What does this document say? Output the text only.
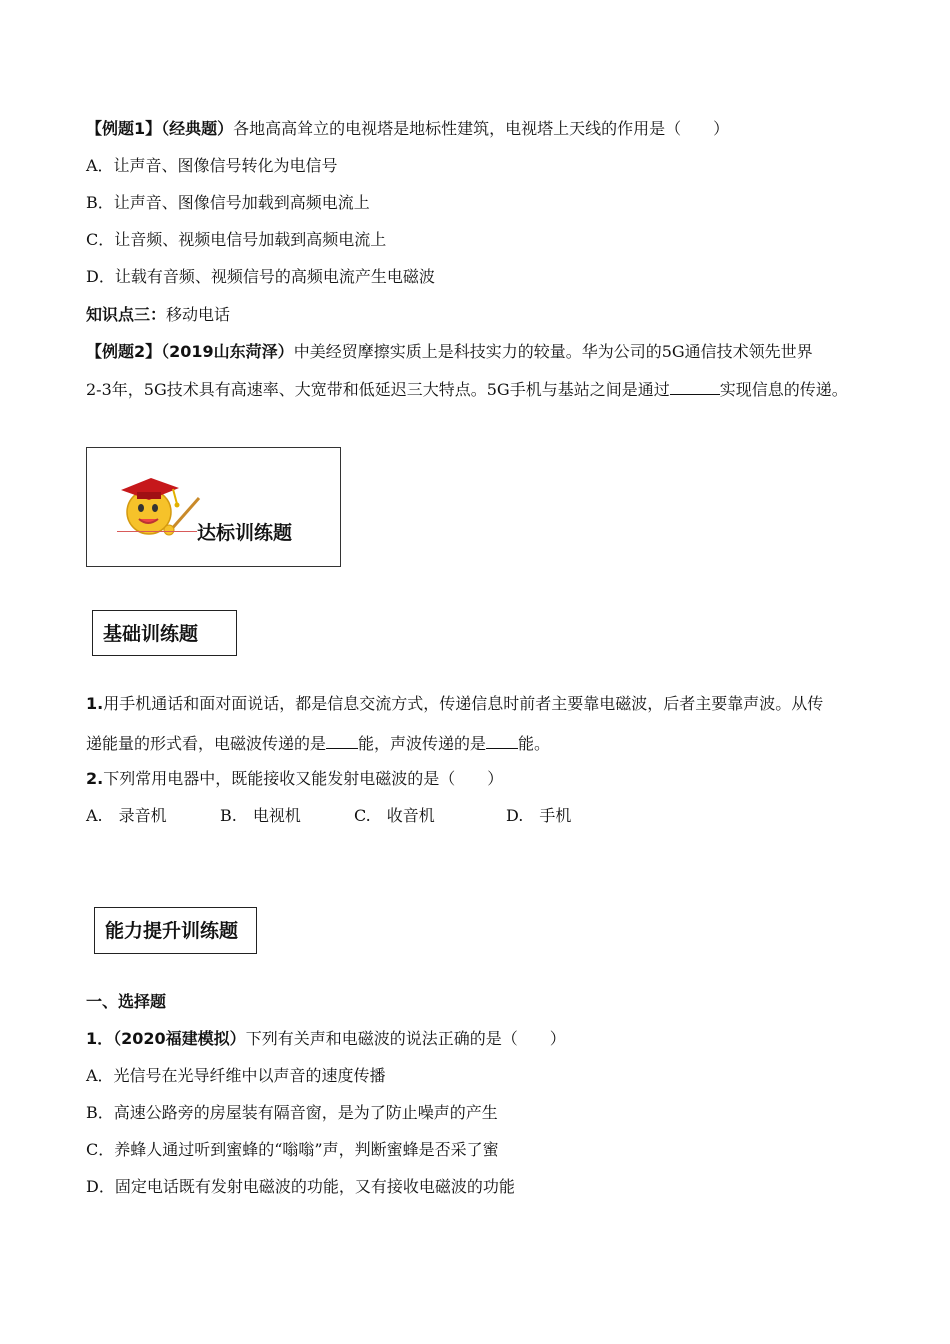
【例题1】（经典题）各地高高耸立的电视塔是地标性建筑，电视塔上天线的作用是（　　）
A．让声音、图像信号转化为电信号
B．让声音、图像信号加载到高频电流上
C．让音频、视频电信号加载到高频电流上
D．让载有音频、视频信号的高频电流产生电磁波
知识点三：移动电话
【例题2】（2019山东菏泽）中美经贸摩擦实质上是科技实力的较量。华为公司的5G通信技术领先世界
2-3年，5G技术具有高速率、大宽带和低延迟三大特点。5G手机与基站之间是通过	实现信息的传递。
达标训练题
基础训练题
1.用手机通话和面对面说话，都是信息交流方式，传递信息时前者主要靠电磁波，后者主要靠声波。从传
递能量的形式看，电磁波传递的是 能，声波传递的是 能。
2.下列常用电器中，既能接收又能发射电磁波的是（　　）
A.　录音机	B.　电视机	C.　收音机	D.　手机
能力提升训练题
一、选择题
1．（2020福建模拟）下列有关声和电磁波的说法正确的是（　　）
A．光信号在光导纤维中以声音的速度传播
B．高速公路旁的房屋装有隔音窗，是为了防止噪声的产生
C．养蜂人通过听到蜜蜂的“嗡嗡”声，判断蜜蜂是否采了蜜
D．固定电话既有发射电磁波的功能，又有接收电磁波的功能
